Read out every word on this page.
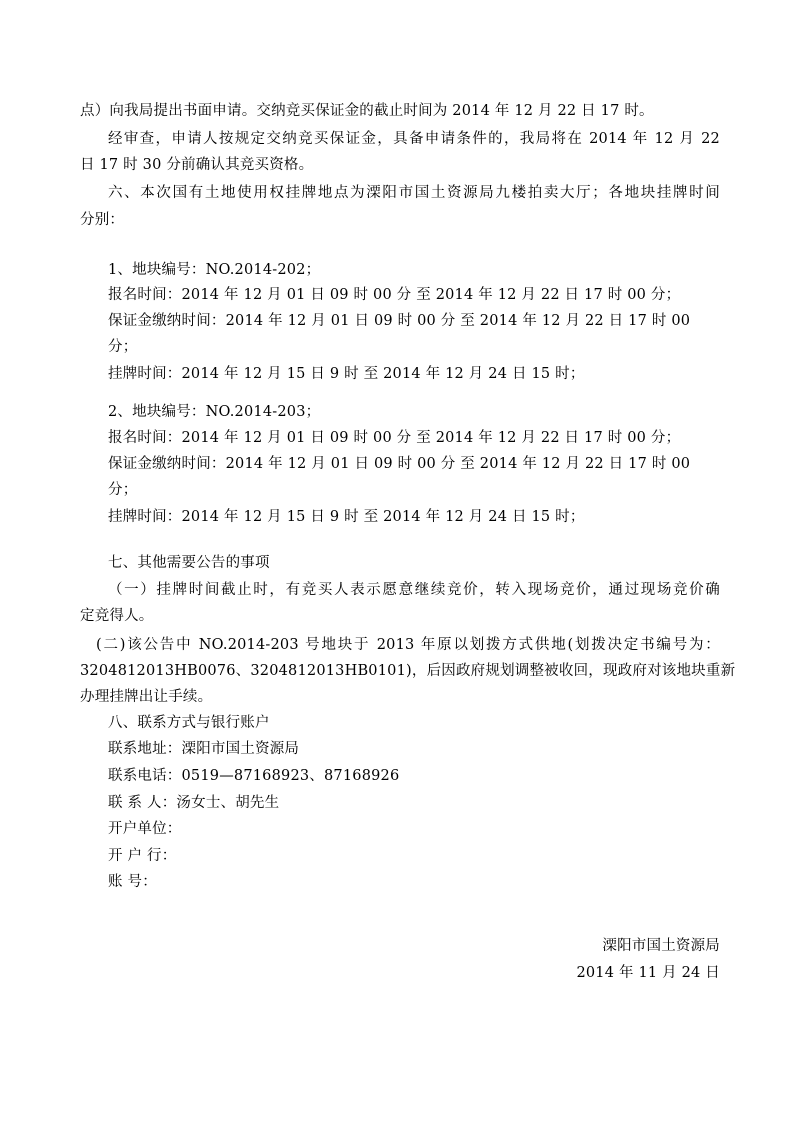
点）向我局提出书面申请。交纳竞买保证金的截止时间为 2014 年 12 月 22 日 17 时。
经审查，申请人按规定交纳竞买保证金，具备申请条件的，我局将在 2014 年 12 月 22
日 17 时 30 分前确认其竞买资格。
六、本次国有土地使用权挂牌地点为溧阳市国土资源局九楼拍卖大厅；各地块挂牌时间
分别：
1、地块编号：NO.2014-202；
报名时间：2014 年 12 月 01 日 09 时 00 分 至 2014 年 12 月 22 日 17 时 00 分；
保证金缴纳时间：2014 年 12 月 01 日 09 时 00 分 至 2014 年 12 月 22 日 17 时 00
分；
挂牌时间：2014 年 12 月 15 日 9 时 至 2014 年 12 月 24 日 15 时；
2、地块编号：NO.2014-203；
报名时间：2014 年 12 月 01 日 09 时 00 分 至 2014 年 12 月 22 日 17 时 00 分；
保证金缴纳时间：2014 年 12 月 01 日 09 时 00 分 至 2014 年 12 月 22 日 17 时 00
分；
挂牌时间：2014 年 12 月 15 日 9 时 至 2014 年 12 月 24 日 15 时；
七、其他需要公告的事项
（一）挂牌时间截止时，有竞买人表示愿意继续竞价，转入现场竞价，通过现场竞价确
定竞得人。
(二)该公告中 NO.2014-203 号地块于 2013 年原以划拨方式供地(划拨决定书编号为：
3204812013HB0076、3204812013HB0101)，后因政府规划调整被收回，现政府对该地块重新
办理挂牌出让手续。
八、联系方式与银行账户
联系地址：溧阳市国土资源局
联系电话：0519—87168923、87168926
联 系 人：汤女士、胡先生
开户单位：
开 户 行：
账 号：
溧阳市国土资源局
2014 年 11 月 24 日
